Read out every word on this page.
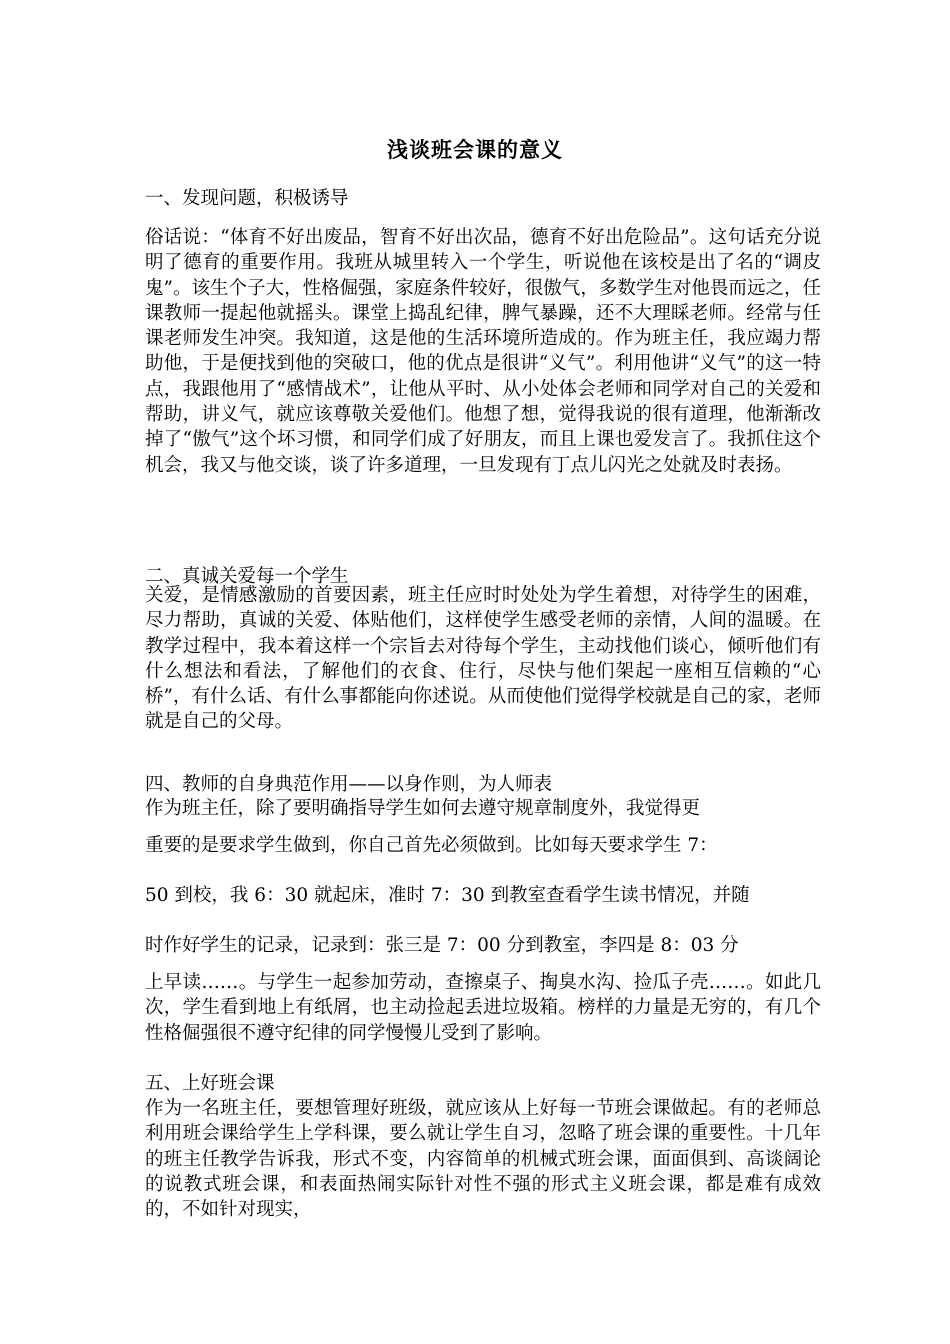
浅谈班会课的意义

一、发现问题，积极诱导

俗话说：“体育不好出废品，智育不好出次品，德育不好出危险品”。这句话充分说明了德育的重要作用。我班从城里转入一个学生，听说他在该校是出了名的“调皮鬼”。该生个子大，性格倔强，家庭条件较好，很傲气，多数学生对他畏而远之，任课教师一提起他就摇头。课堂上捣乱纪律，脾气暴躁，还不大理睬老师。经常与任课老师发生冲突。我知道，这是他的生活环境所造成的。作为班主任，我应竭力帮助他，于是便找到他的突破口，他的优点是很讲“义气”。利用他讲“义气”的这一特点，我跟他用了“感情战术”，让他从平时、从小处体会老师和同学对自己的关爱和帮助，讲义气，就应该尊敬关爱他们。他想了想，觉得我说的很有道理，他渐渐改掉了“傲气”这个坏习惯，和同学们成了好朋友，而且上课也爱发言了。我抓住这个机会，我又与他交谈，谈了许多道理，一旦发现有丁点儿闪光之处就及时表扬。

二、真诚关爱每一个学生

关爱，是情感激励的首要因素，班主任应时时处处为学生着想，对待学生的困难，尽力帮助，真诚的关爱、体贴他们，这样使学生感受老师的亲情，人间的温暖。在教学过程中，我本着这样一个宗旨去对待每个学生，主动找他们谈心，倾听他们有什么想法和看法，了解他们的衣食、住行，尽快与他们架起一座相互信赖的“心桥”，有什么话、有什么事都能向你述说。从而使他们觉得学校就是自己的家，老师就是自己的父母。

四、教师的自身典范作用——以身作则，为人师表

作为班主任，除了要明确指导学生如何去遵守规章制度外，我觉得更

重要的是要求学生做到，你自己首先必须做到。比如每天要求学生 7：

50 到校，我 6：30 就起床，准时 7：30 到教室查看学生读书情况，并随

时作好学生的记录，记录到：张三是 7：00 分到教室，李四是 8：03 分

上早读……。与学生一起参加劳动，查擦桌子、掏臭水沟、捡瓜子壳……。如此几次，学生看到地上有纸屑，也主动捡起丢进垃圾箱。榜样的力量是无穷的，有几个性格倔强很不遵守纪律的同学慢慢儿受到了影响。

五、上好班会课

作为一名班主任，要想管理好班级，就应该从上好每一节班会课做起。有的老师总利用班会课给学生上学科课，要么就让学生自习，忽略了班会课的重要性。十几年的班主任教学告诉我，形式不变，内容简单的机械式班会课，面面俱到、高谈阔论的说教式班会课，和表面热闹实际针对性不强的形式主义班会课，都是难有成效的，不如针对现实，
